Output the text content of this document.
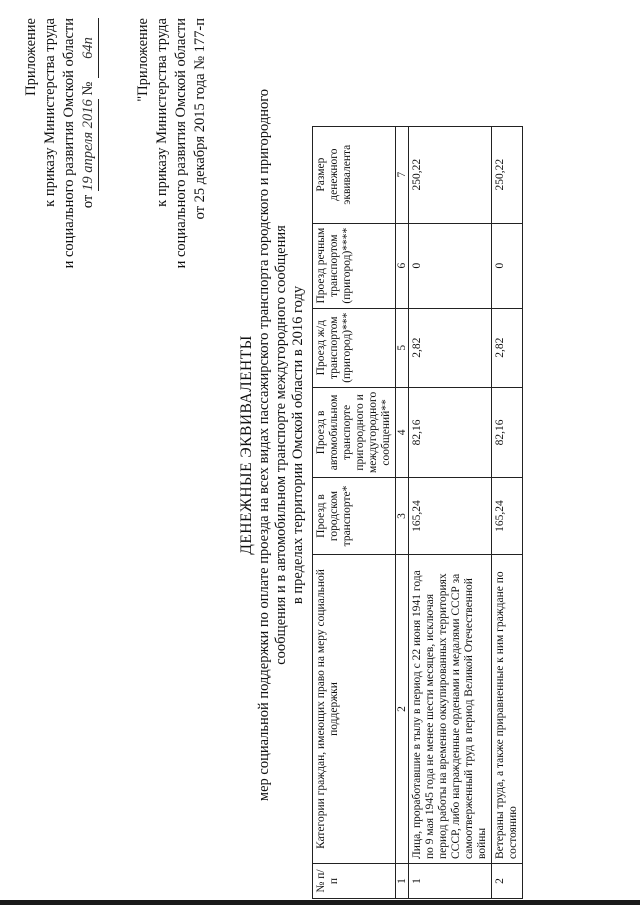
Приложение к приказу Министерства труда и социального развития Омской области от 19 апреля 2016 № 64п	"Приложение к приказу Министерства труда и социального развития Омской области от 25 декабря 2015 года № 177-п
ДЕНЕЖНЫЕ ЭКВИВАЛЕНТЫ мер социальной поддержки по оплате проезда на всех видах пассажирского транспорта городского и пригородного сообщения и в автомобильном транспорте междугородного сообщения в пределах территории Омской области в 2016 году
№ п/п	Категории граждан, имеющих право на меру социальной поддержки	Проезд в городском транспорте*	Проезд в автомобильном транспорте пригородного и междугородного сообщений**	Проезд ж/д транспортом (пригород)***	Проезд речным транспортом (пригород)****	Размер денежного эквивалента
1	2	3	4	5	6	7
1	Лица, проработавшие в тылу в период с 22 июня 1941 года по 9 мая 1945 года не менее шести месяцев, исключая период работы на временно оккупированных территориях СССР, либо награжденные орденами и медалями СССР за самоотверженный труд в период Великой Отечественной войны	165,24	82,16	2,82	0	250,22
2	Ветераны труда, а также приравненные к ним граждане по состоянию	165,24	82,16	2,82	0	250,22
